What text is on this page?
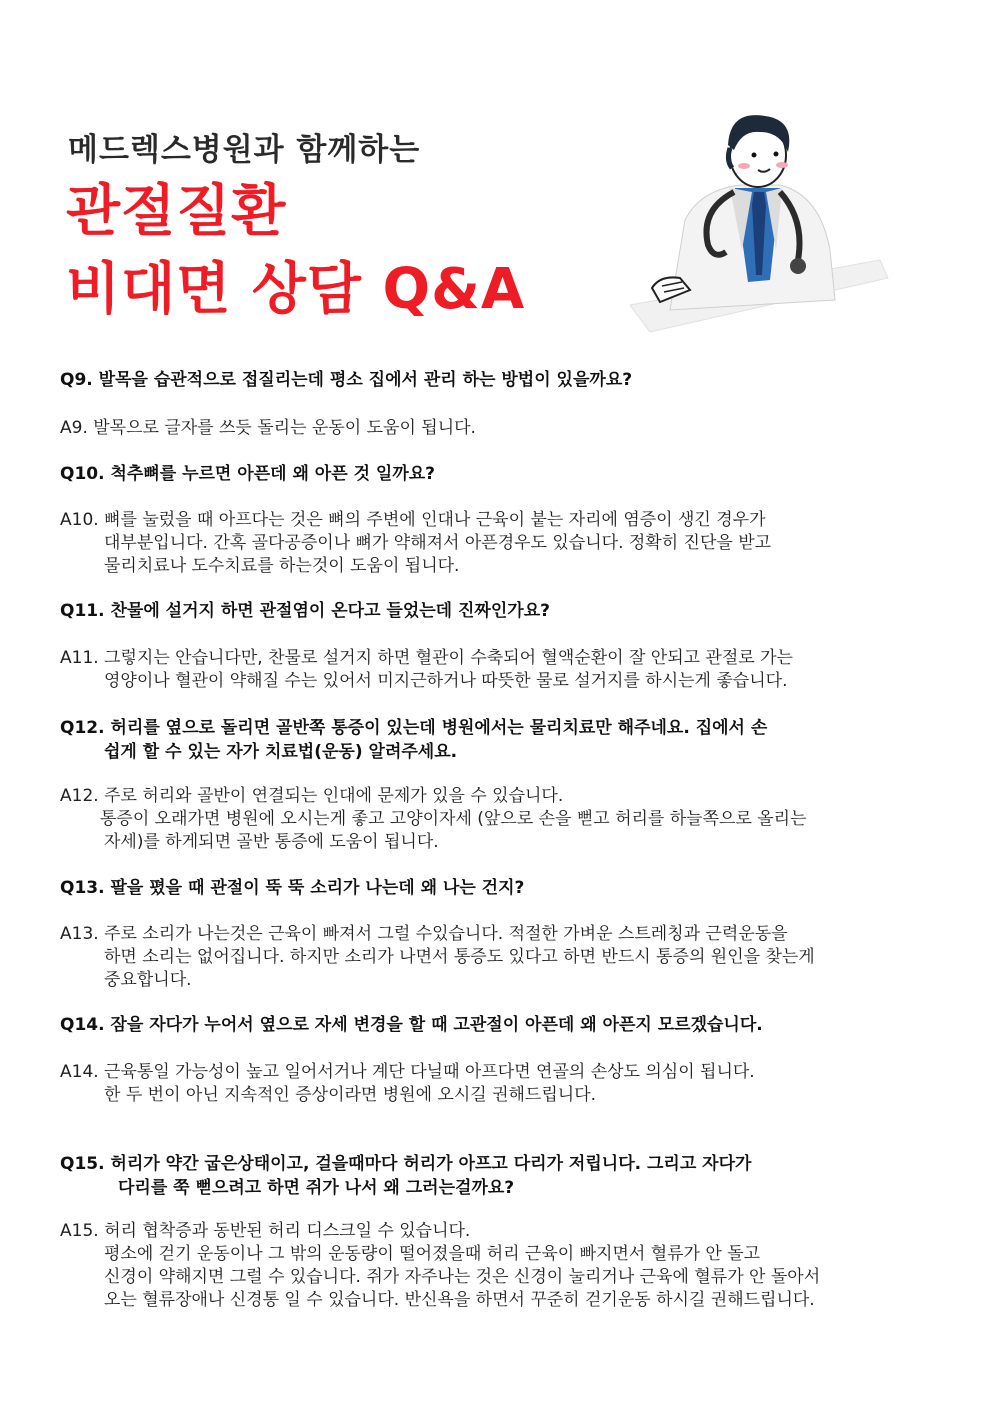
메드렉스병원과 함께하는
관절질환
비대면 상담 Q&A
Q9. 발목을 습관적으로 접질리는데 평소 집에서 관리 하는 방법이 있을까요?
A9. 발목으로 글자를 쓰듯 돌리는 운동이 도움이 됩니다.
Q10. 척추뼈를 누르면 아픈데 왜 아픈 것 일까요?
A10. 뼈를 눌렀을 때 아프다는 것은 뼈의 주변에 인대나 근육이 붙는 자리에 염증이 생긴 경우가
대부분입니다. 간혹 골다공증이나 뼈가 약해져서 아픈경우도 있습니다. 정확히 진단을 받고
물리치료나 도수치료를 하는것이 도움이 됩니다.
Q11. 찬물에 설거지 하면 관절염이 온다고 들었는데 진짜인가요?
A11. 그렇지는 안습니다만, 찬물로 설거지 하면 혈관이 수축되어 혈액순환이 잘 안되고 관절로 가는
영양이나 혈관이 약해질 수는 있어서 미지근하거나 따뜻한 물로 설거지를 하시는게 좋습니다.
Q12. 허리를 옆으로 돌리면 골반쪽 통증이 있는데 병원에서는 물리치료만 해주네요. 집에서 손
쉽게 할 수 있는 자가 치료법(운동) 알려주세요.
A12. 주로 허리와 골반이 연결되는 인대에 문제가 있을 수 있습니다.
통증이 오래가면 병원에 오시는게 좋고 고양이자세 (앞으로 손을 뻗고 허리를 하늘쪽으로 올리는
자세)를 하게되면 골반 통증에 도움이 됩니다.
Q13. 팔을 폈을 때 관절이 뚝 뚝 소리가 나는데 왜 나는 건지?
A13. 주로 소리가 나는것은 근육이 빠져서 그럴 수있습니다. 적절한 가벼운 스트레칭과 근력운동을
하면 소리는 없어집니다. 하지만 소리가 나면서 통증도 있다고 하면 반드시 통증의 원인을 찾는게
중요합니다.
Q14. 잠을 자다가 누어서 옆으로 자세 변경을 할 때 고관절이 아픈데 왜 아픈지 모르겠습니다.
A14. 근육통일 가능성이 높고 일어서거나 계단 다닐때 아프다면 연골의 손상도 의심이 됩니다.
한 두 번이 아닌 지속적인 증상이라면 병원에 오시길 권해드립니다.
Q15. 허리가 약간 굽은상태이고, 걸을때마다 허리가 아프고 다리가 저립니다. 그리고 자다가
다리를 쭉 뻗으려고 하면 쥐가 나서 왜 그러는걸까요?
A15. 허리 협착증과 동반된 허리 디스크일 수 있습니다.
평소에 걷기 운동이나 그 밖의 운동량이 떨어졌을때 허리 근육이 빠지면서 혈류가 안 돌고
신경이 약해지면 그럴 수 있습니다. 쥐가 자주나는 것은 신경이 눌리거나 근육에 혈류가 안 돌아서
오는 혈류장애나 신경통 일 수 있습니다. 반신욕을 하면서 꾸준히 걷기운동 하시길 권해드립니다.
